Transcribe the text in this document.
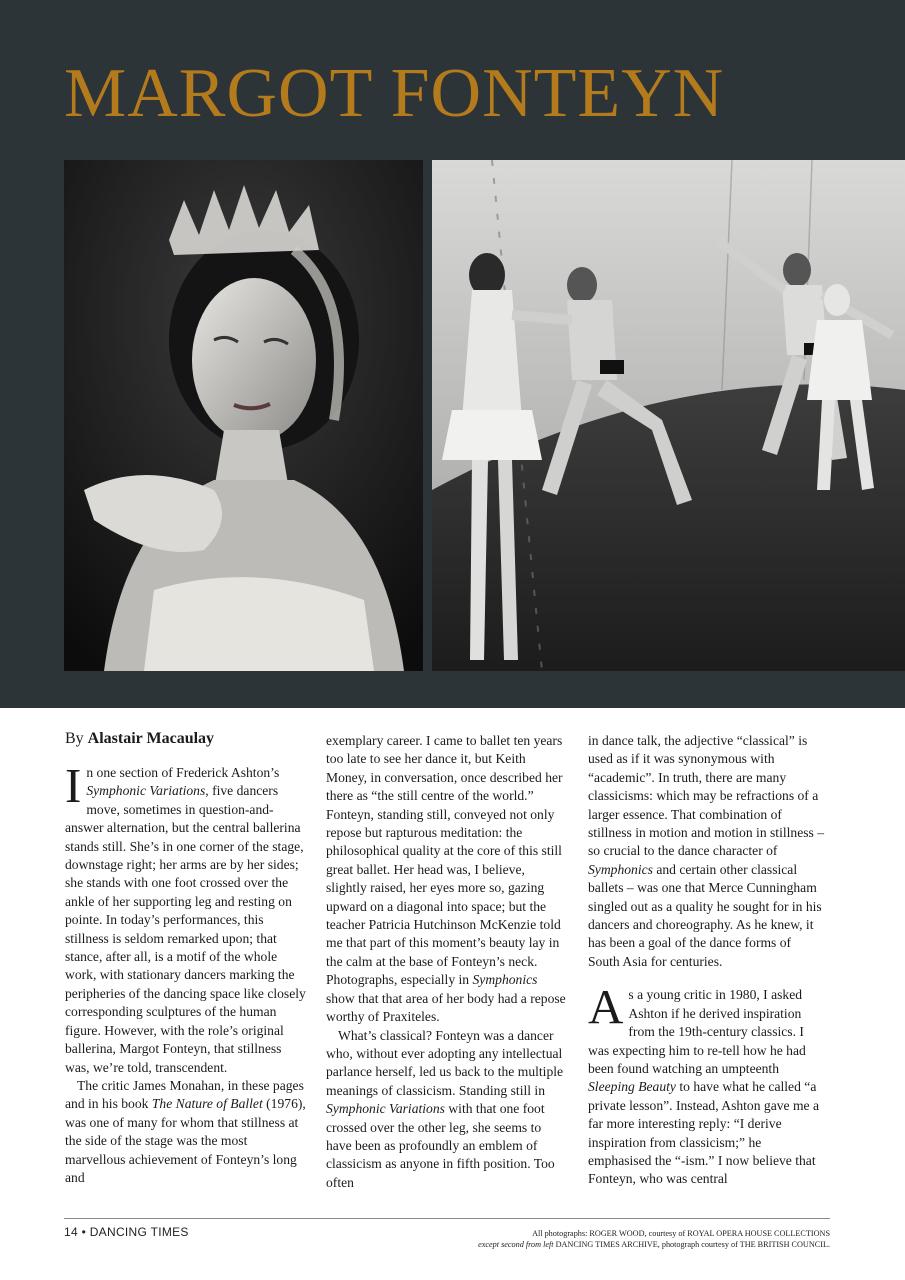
MARGOT FONTEYN

By Alastair Macaulay

In one section of Frederick Ashton’s Symphonic Variations, five dancers move, sometimes in question-and-answer alternation, but the central ballerina stands still. She’s in one corner of the stage, downstage right; her arms are by her sides; she stands with one foot crossed over the ankle of her supporting leg and resting on pointe. In today’s performances, this stillness is seldom remarked upon; that stance, after all, is a motif of the whole work, with stationary dancers marking the peripheries of the dancing space like closely corresponding sculptures of the human figure. However, with the role’s original ballerina, Margot Fonteyn, that stillness was, we’re told, transcendent.

The critic James Monahan, in these pages and in his book The Nature of Ballet (1976), was one of many for whom that stillness at the side of the stage was the most marvellous achievement of Fonteyn’s long and

exemplary career. I came to ballet ten years too late to see her dance it, but Keith Money, in conversation, once described her there as “the still centre of the world.” Fonteyn, standing still, conveyed not only repose but rapturous meditation: the philosophical quality at the core of this still great ballet. Her head was, I believe, slightly raised, her eyes more so, gazing upward on a diagonal into space; but the teacher Patricia Hutchinson McKenzie told me that part of this moment’s beauty lay in the calm at the base of Fonteyn’s neck. Photographs, especially in Symphonics show that that area of her body had a repose worthy of Praxiteles.

What’s classical? Fonteyn was a dancer who, without ever adopting any intellectual parlance herself, led us back to the multiple meanings of classicism. Standing still in Symphonic Variations with that one foot crossed over the other leg, she seems to have been as profoundly an emblem of classicism as anyone in fifth position. Too often

in dance talk, the adjective “classical” is used as if it was synonymous with “academic”. In truth, there are many classicisms: which may be refractions of a larger essence. That combination of stillness in motion and motion in stillness – so crucial to the dance character of Symphonics and certain other classical ballets – was one that Merce Cunningham singled out as a quality he sought for in his dancers and choreography. As he knew, it has been a goal of the dance forms of South Asia for centuries.

As a young critic in 1980, I asked Ashton if he derived inspiration from the 19th-century classics. I was expecting him to re-tell how he had been found watching an umpteenth Sleeping Beauty to have what he called “a private lesson”. Instead, Ashton gave me a far more interesting reply: “I derive inspiration from classicism;” he emphasised the “-ism.” I now believe that Fonteyn, who was central

14 • DANCING TIMES	All photographs: ROGER WOOD, courtesy of ROYAL OPERA HOUSE COLLECTIONS
except second from left DANCING TIMES ARCHIVE, photograph courtesy of THE BRITISH COUNCIL.
